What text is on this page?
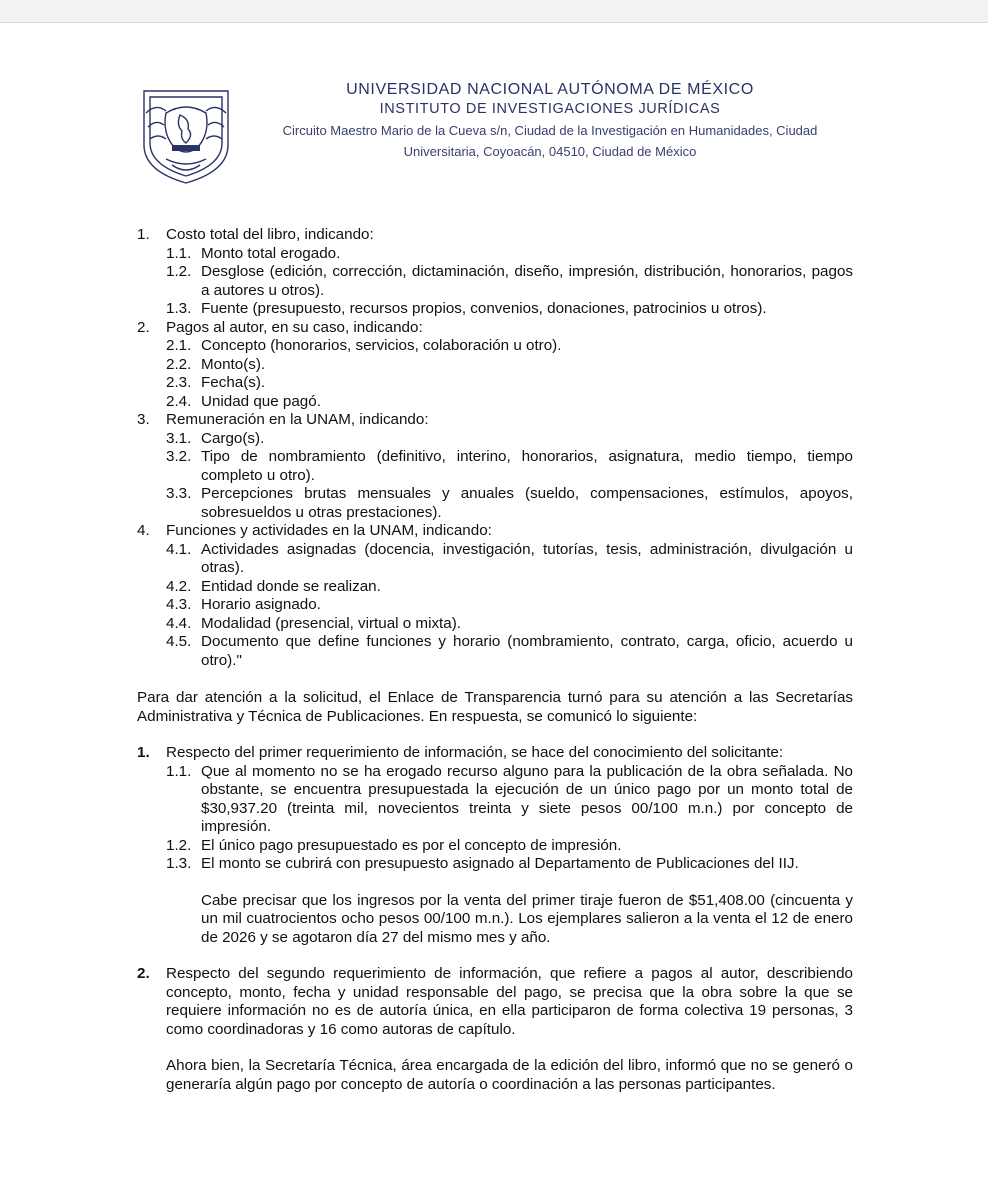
UNIVERSIDAD NACIONAL AUTÓNOMA DE MÉXICO
INSTITUTO DE INVESTIGACIONES JURÍDICAS
Circuito Maestro Mario de la Cueva s/n, Ciudad de la Investigación en Humanidades, Ciudad
Universitaria, Coyoacán, 04510, Ciudad de México
1. Costo total del libro, indicando:
1.1. Monto total erogado.
1.2. Desglose (edición, corrección, dictaminación, diseño, impresión, distribución, honorarios, pagos a autores u otros).
1.3. Fuente (presupuesto, recursos propios, convenios, donaciones, patrocinios u otros).
2. Pagos al autor, en su caso, indicando:
2.1. Concepto (honorarios, servicios, colaboración u otro).
2.2. Monto(s).
2.3. Fecha(s).
2.4. Unidad que pagó.
3. Remuneración en la UNAM, indicando:
3.1. Cargo(s).
3.2. Tipo de nombramiento (definitivo, interino, honorarios, asignatura, medio tiempo, tiempo completo u otro).
3.3. Percepciones brutas mensuales y anuales (sueldo, compensaciones, estímulos, apoyos, sobresueldos u otras prestaciones).
4. Funciones y actividades en la UNAM, indicando:
4.1. Actividades asignadas (docencia, investigación, tutorías, tesis, administración, divulgación u otras).
4.2. Entidad donde se realizan.
4.3. Horario asignado.
4.4. Modalidad (presencial, virtual o mixta).
4.5. Documento que define funciones y horario (nombramiento, contrato, carga, oficio, acuerdo u otro)."
Para dar atención a la solicitud, el Enlace de Transparencia turnó para su atención a las Secretarías Administrativa y Técnica de Publicaciones. En respuesta, se comunicó lo siguiente:
1. Respecto del primer requerimiento de información, se hace del conocimiento del solicitante:
1.1. Que al momento no se ha erogado recurso alguno para la publicación de la obra señalada. No obstante, se encuentra presupuestada la ejecución de un único pago por un monto total de $30,937.20 (treinta mil, novecientos treinta y siete pesos 00/100 m.n.) por concepto de impresión.
1.2. El único pago presupuestado es por el concepto de impresión.
1.3. El monto se cubrirá con presupuesto asignado al Departamento de Publicaciones del IIJ.
Cabe precisar que los ingresos por la venta del primer tiraje fueron de $51,408.00 (cincuenta y un mil cuatrocientos ocho pesos 00/100 m.n.). Los ejemplares salieron a la venta el 12 de enero de 2026 y se agotaron día 27 del mismo mes y año.
2. Respecto del segundo requerimiento de información, que refiere a pagos al autor, describiendo concepto, monto, fecha y unidad responsable del pago, se precisa que la obra sobre la que se requiere información no es de autoría única, en ella participaron de forma colectiva 19 personas, 3 como coordinadoras y 16 como autoras de capítulo.
Ahora bien, la Secretaría Técnica, área encargada de la edición del libro, informó que no se generó o generaría algún pago por concepto de autoría o coordinación a las personas participantes.
